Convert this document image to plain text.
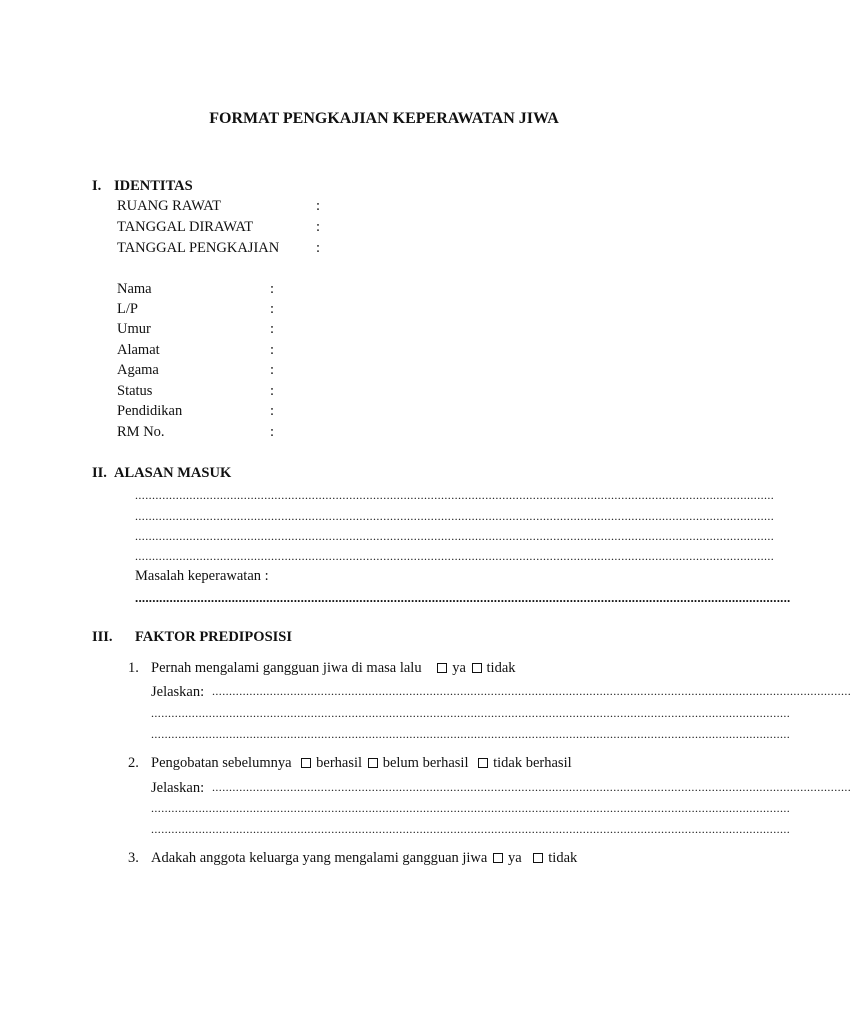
FORMAT PENGKAJIAN KEPERAWATAN JIWA
I. IDENTITAS
RUANG RAWAT	:
TANGGAL DIRAWAT	:
TANGGAL PENGKAJIAN	:
Nama	:
L/P	:
Umur	:
Alamat	:
Agama	:
Status	:
Pendidikan	:
RM No.	:
II. ALASAN MASUK
............................................................................................................................................................................................
............................................................................................................................................................................................
............................................................................................................................................................................................
............................................................................................................................................................................................
Masalah keperawatan :
..............................................................................................................................................................................................
III. FAKTOR PREDIPOSISI
1. Pernah mengalami gangguan jiwa di masa lalu ya tidak
Jelaskan: ............................................................................................................................................................................................
............................................................................................................................................................................................
............................................................................................................................................................................................
2. Pengobatan sebelumnya berhasil belum berhasil tidak berhasil
Jelaskan: ............................................................................................................................................................................................
............................................................................................................................................................................................
............................................................................................................................................................................................
3. Adakah anggota keluarga yang mengalami gangguan jiwa ya tidak
